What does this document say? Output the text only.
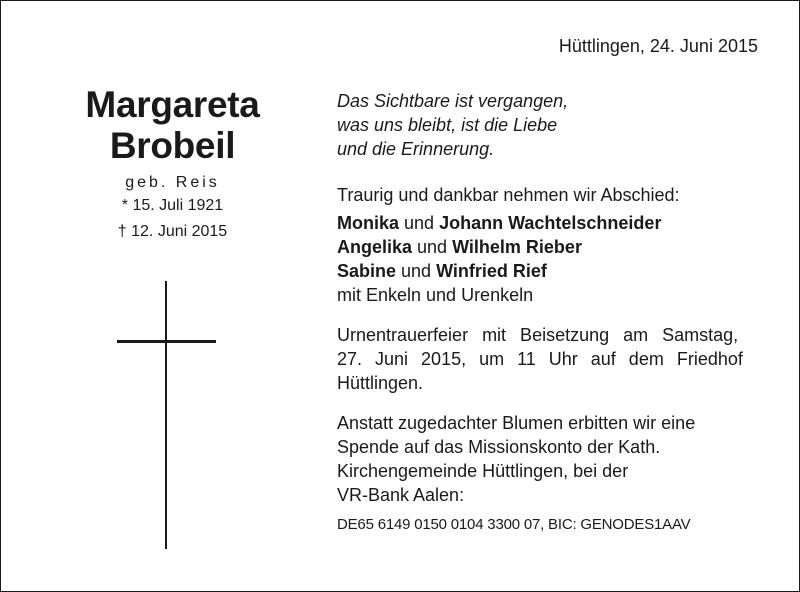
Hüttlingen, 24. Juni 2015
Margareta
Brobeil
geb. Reis
* 15. Juli 1921
† 12. Juni 2015
Das Sichtbare ist vergangen,
was uns bleibt, ist die Liebe
und die Erinnerung.

Traurig und dankbar nehmen wir Abschied:

Monika und Johann Wachtelschneider
Angelika und Wilhelm Rieber
Sabine und Winfried Rief
mit Enkeln und Urenkeln
Urnentrauerfeier mit Beisetzung am Samstag,
27. Juni 2015, um 11 Uhr auf dem Friedhof
Hüttlingen.
Anstatt zugedachter Blumen erbitten wir eine
Spende auf das Missionskonto der Kath.
Kirchengemeinde Hüttlingen, bei der
VR-Bank Aalen:
DE65 6149 0150 0104 3300 07, BIC: GENODES1AAV
